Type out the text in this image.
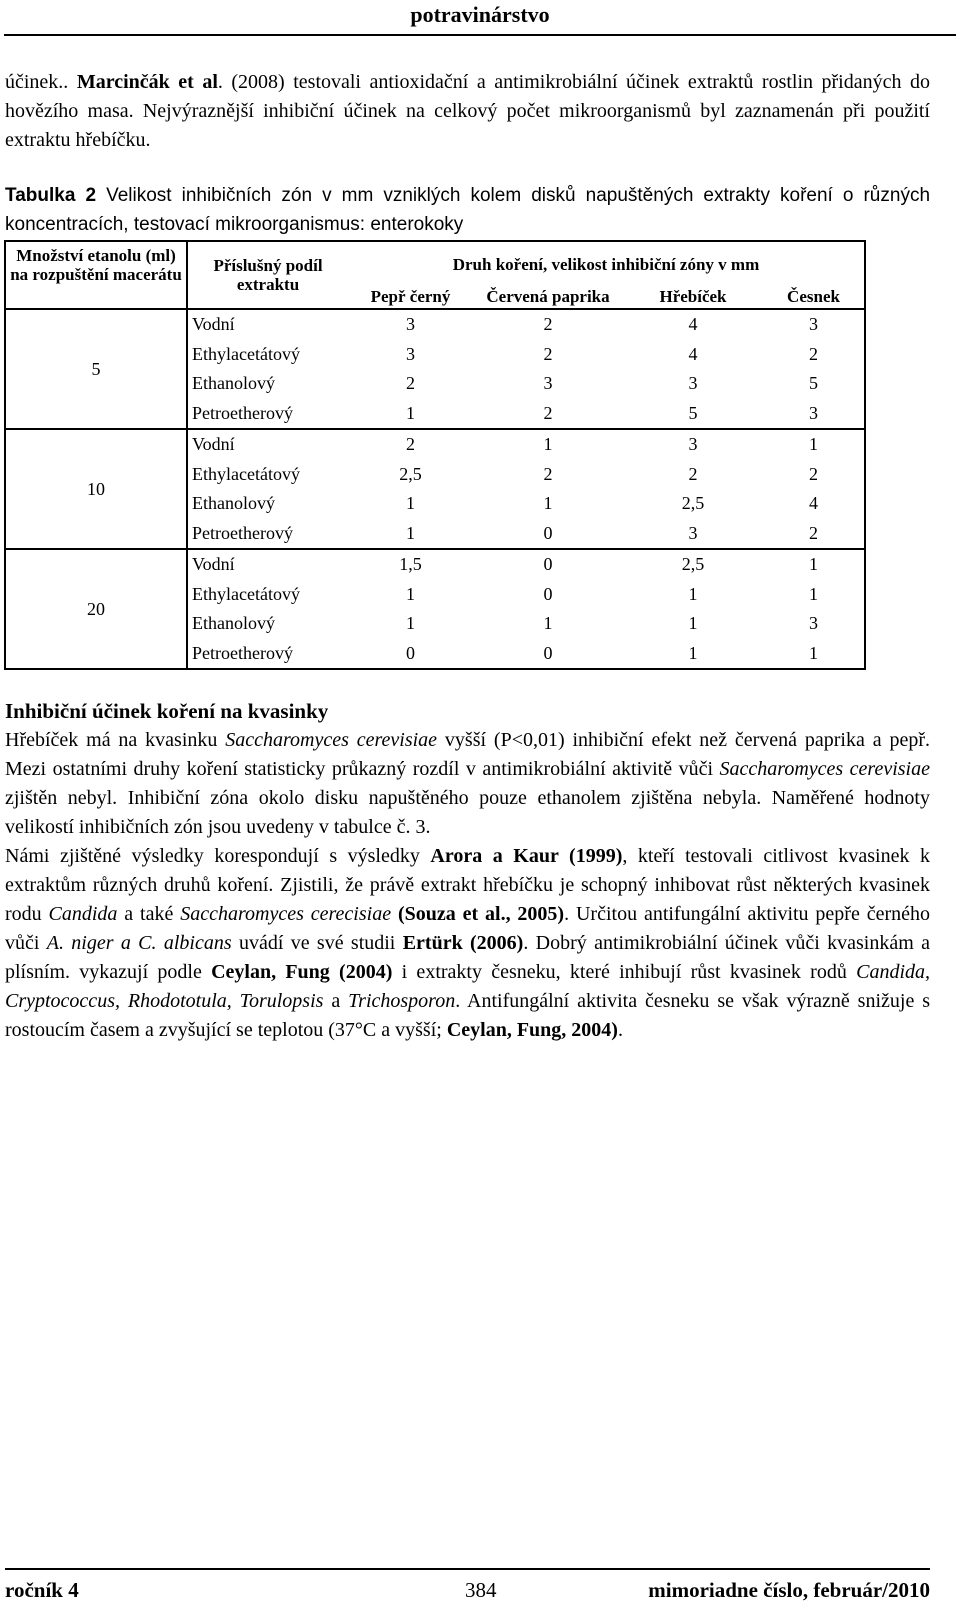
potravinárstvo

účinek.. Marcinčák et al. (2008) testovali antioxidační a antimikrobiální účinek extraktů rostlin přidaných do hovězího masa. Nejvýraznější inhibiční účinek na celkový počet mikroorganismů byl zaznamenán při použití extraktu hřebíčku.

Tabulka 2 Velikost inhibičních zón v mm vzniklých kolem disků napuštěných extrakty koření o různých koncentracích, testovací mikroorganismus: enterokoky
Množství etanolu (ml) na rozpuštění macerátu	Příslušný podíl extraktu	Druh koření, velikost inhibiční zóny v mm			
		Pepř černý	Červená paprika	Hřebíček	Česnek
5	Vodní	3	2	4	3
	Ethylacetátový	3	2	4	2
	Ethanolový	2	3	3	5
	Petroetherový	1	2	5	3
10	Vodní	2	1	3	1
	Ethylacetátový	2,5	2	2	2
	Ethanolový	1	1	2,5	4
	Petroetherový	1	0	3	2
20	Vodní	1,5	0	2,5	1
	Ethylacetátový	1	0	1	1
	Ethanolový	1	1	1	3
	Petroetherový	0	0	1	1
Inhibiční účinek koření na kvasinky

Hřebíček má na kvasinku Saccharomyces cerevisiae vyšší (P<0,01) inhibiční efekt než červená paprika a pepř. Mezi ostatními druhy koření statisticky průkazný rozdíl v antimikrobiální aktivitě vůči Saccharomyces cerevisiae zjištěn nebyl. Inhibiční zóna okolo disku napuštěného pouze ethanolem zjištěna nebyla. Naměřené hodnoty velikostí inhibičních zón jsou uvedeny v tabulce č. 3.

Námi zjištěné výsledky korespondují s výsledky Arora a Kaur (1999), kteří testovali citlivost kvasinek k extraktům různých druhů koření. Zjistili, že právě extrakt hřebíčku je schopný inhibovat růst některých kvasinek rodu Candida a také Saccharomyces cerecisiae (Souza et al., 2005). Určitou antifungální aktivitu pepře černého vůči A. niger a C. albicans uvádí ve své studii Ertürk (2006). Dobrý antimikrobiální účinek vůči kvasinkám a plísním. vykazují podle Ceylan, Fung (2004) i extrakty česneku, které inhibují růst kvasinek rodů Candida, Cryptococcus, Rhodototula, Torulopsis a Trichosporon. Antifungální aktivita česneku se však výrazně snižuje s rostoucím časem a zvyšující se teplotou (37°C a vyšší; Ceylan, Fung, 2004).

ročník 4	384	mimoriadne číslo, február/2010
